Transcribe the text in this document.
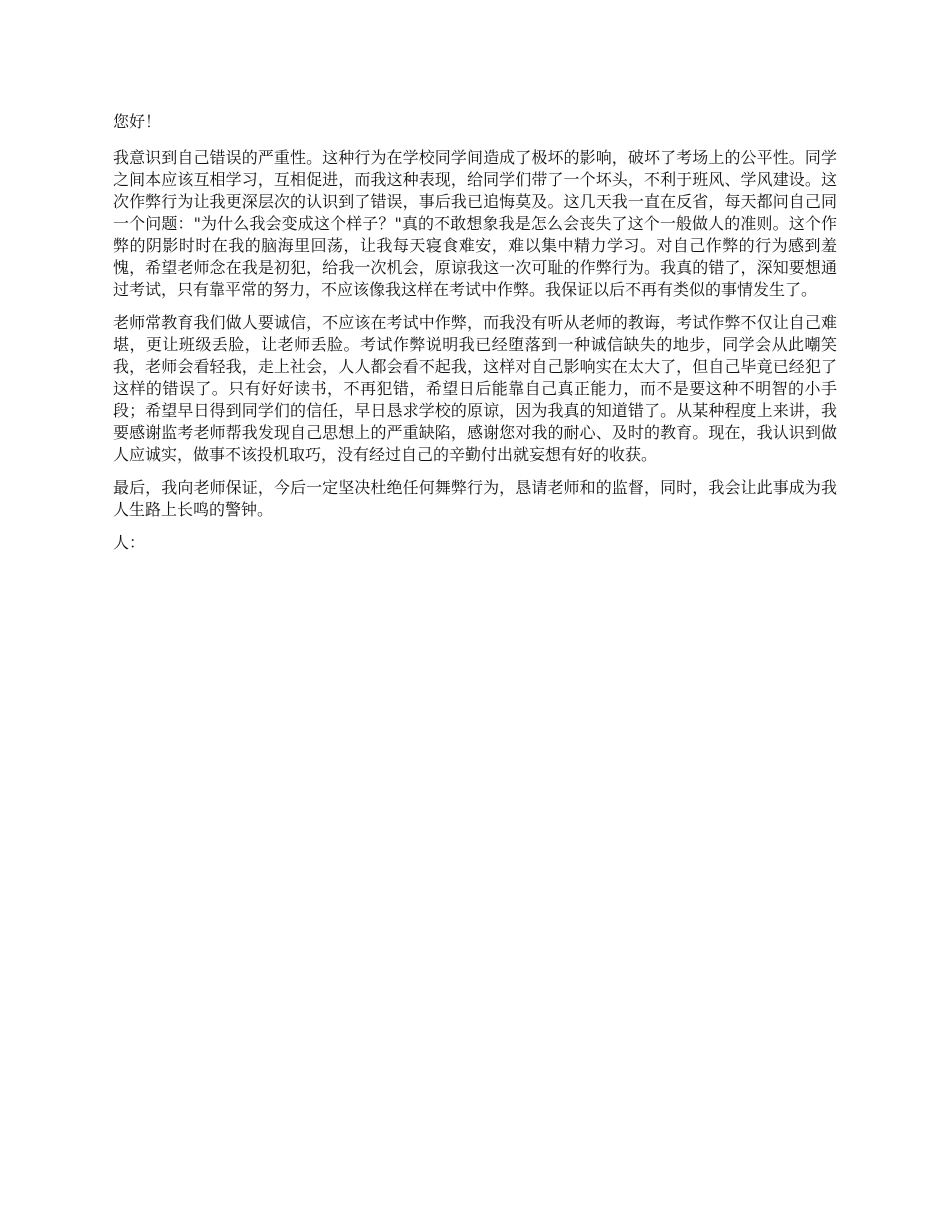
您好！

我意识到自己错误的严重性。这种行为在学校同学间造成了极坏的影响，破坏了考场上的公平性。同学之间本应该互相学习，互相促进，而我这种表现，给同学们带了一个坏头，不利于班风、学风建设。这次作弊行为让我更深层次的认识到了错误，事后我已追悔莫及。这几天我一直在反省，每天都问自己同一个问题："为什么我会变成这个样子？"真的不敢想象我是怎么会丧失了这个一般做人的准则。这个作弊的阴影时时在我的脑海里回荡，让我每天寝食难安，难以集中精力学习。对自己作弊的行为感到羞愧，希望老师念在我是初犯，给我一次机会，原谅我这一次可耻的作弊行为。我真的错了，深知要想通过考试，只有靠平常的努力，不应该像我这样在考试中作弊。我保证以后不再有类似的事情发生了。

老师常教育我们做人要诚信，不应该在考试中作弊，而我没有听从老师的教诲，考试作弊不仅让自己难堪，更让班级丢脸，让老师丢脸。考试作弊说明我已经堕落到一种诚信缺失的地步，同学会从此嘲笑我，老师会看轻我，走上社会，人人都会看不起我，这样对自己影响实在太大了，但自己毕竟已经犯了这样的错误了。只有好好读书，不再犯错，希望日后能靠自己真正能力，而不是要这种不明智的小手段；希望早日得到同学们的信任，早日恳求学校的原谅，因为我真的知道错了。从某种程度上来讲，我要感谢监考老师帮我发现自己思想上的严重缺陷，感谢您对我的耐心、及时的教育。现在，我认识到做人应诚实，做事不该投机取巧，没有经过自己的辛勤付出就妄想有好的收获。

最后，我向老师保证，今后一定坚决杜绝任何舞弊行为，恳请老师和的监督，同时，我会让此事成为我人生路上长鸣的警钟。

人：
